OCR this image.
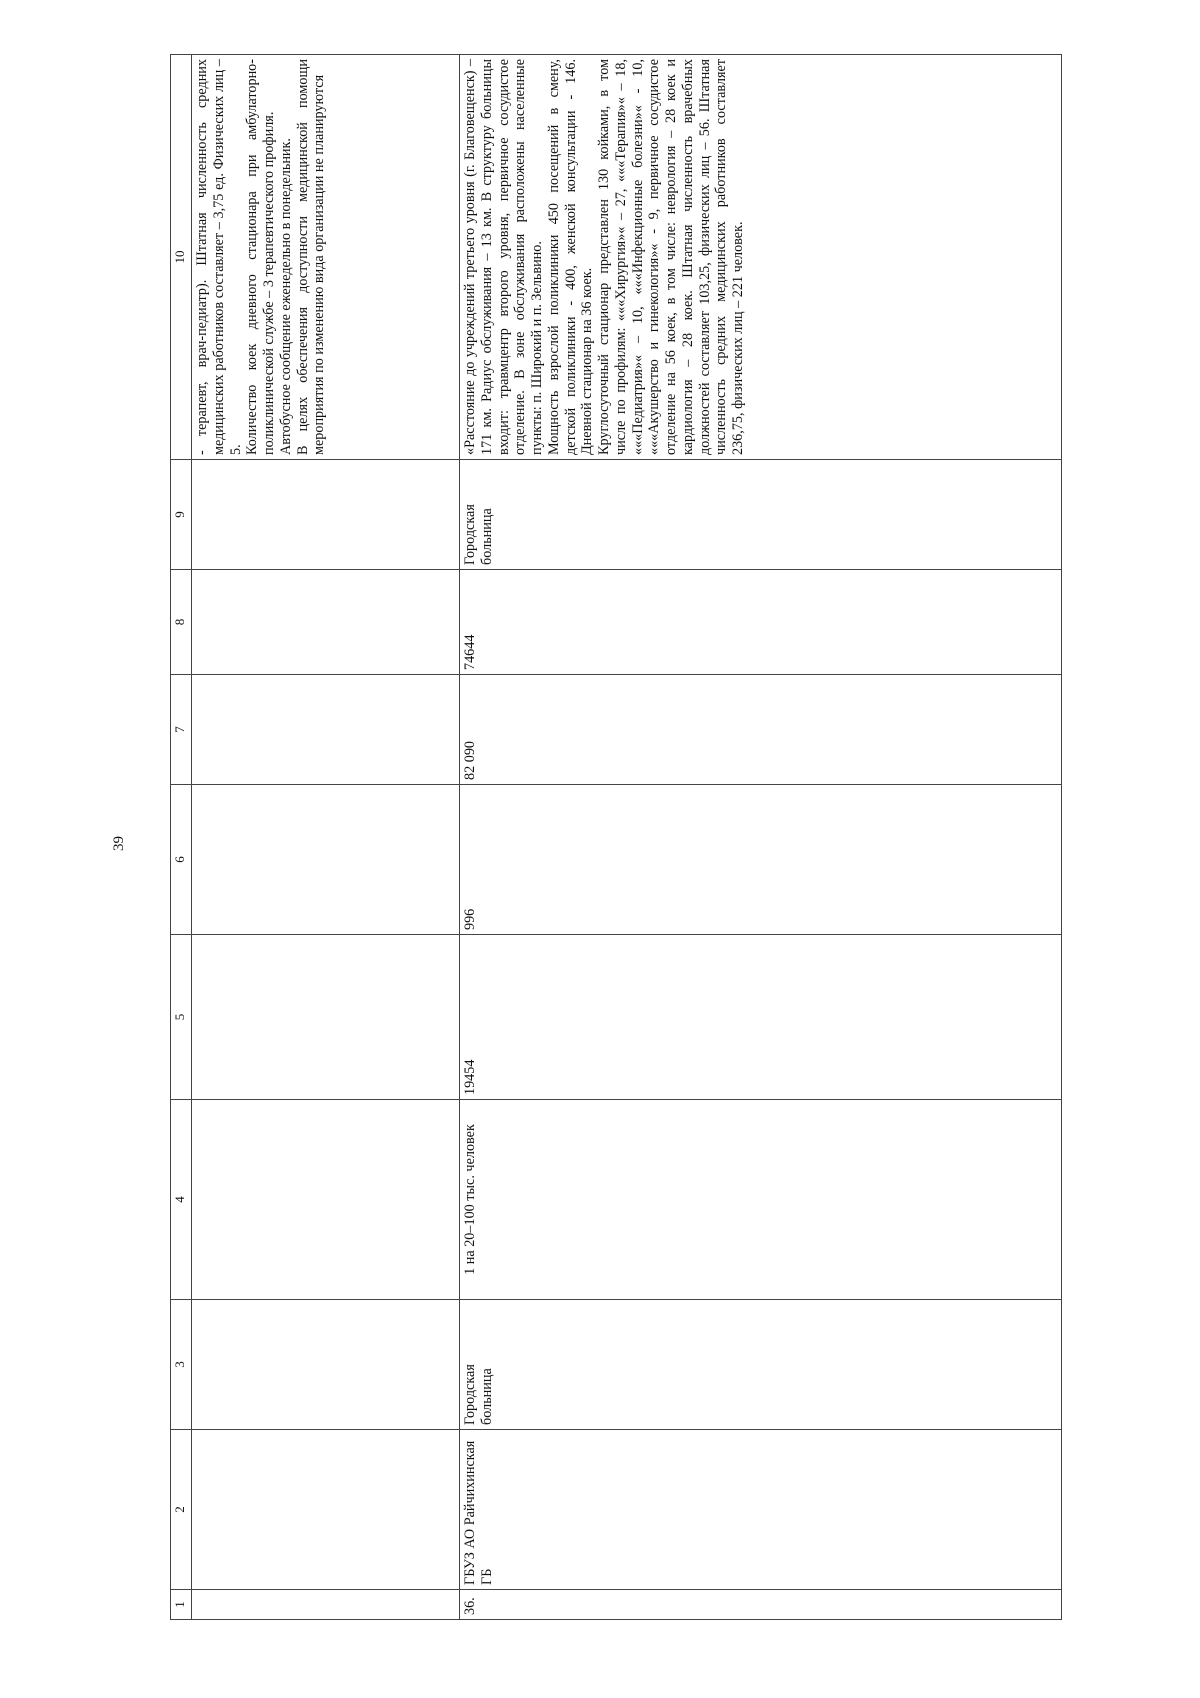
39
1	2	3	4	5	6	7	8	9	10

									- терапевт, врач-педиатр). Штатная численность средних медицинских работников составляет – 3,75 ед. Физических лиц – 5. Количество коек дневного стационара при амбулаторно-поликлинической службе – 3 терапевтического профиля. Автобусное сообщение еженедельно в понедельник. В целях обеспечения доступности медицинской помощи мероприятия по изменению вида организации не планируются

36.	ГБУЗ АО Райчихинская ГБ	Городская больница	1 на 20–100 тыс. человек	19454	996	82 090	74644	Городская больница	«Расстояние до учреждений третьего уровня (г. Благовещенск) – 171 км. Радиус обслуживания – 13 км. В структуру больницы входит: травмцентр второго уровня, первичное сосудистое отделение. В зоне обслуживания расположены населенные пункты: п. Широкий и п. Зельвино. Мощность взрослой поликлиники 450 посещений в смену, детской поликлиники - 400, женской консультации - 146. Дневной стационар на 36 коек. Круглосуточный стационар представлен 130 койками, в том числе по профилям: «««Хирургия»« – 27, «««Терапия»« – 18, «««Педиатрия»« – 10, «««Инфекционные болезни»« - 10, «««Акушерство и гинекология»« - 9, первичное сосудистое отделение на 56 коек, в том числе: неврология – 28 коек и кардиология – 28 коек. Штатная численность врачебных должностей составляет 103,25, физических лиц – 56. Штатная численность средних медицинских работников составляет 236,75, физических лиц – 221 человек.
